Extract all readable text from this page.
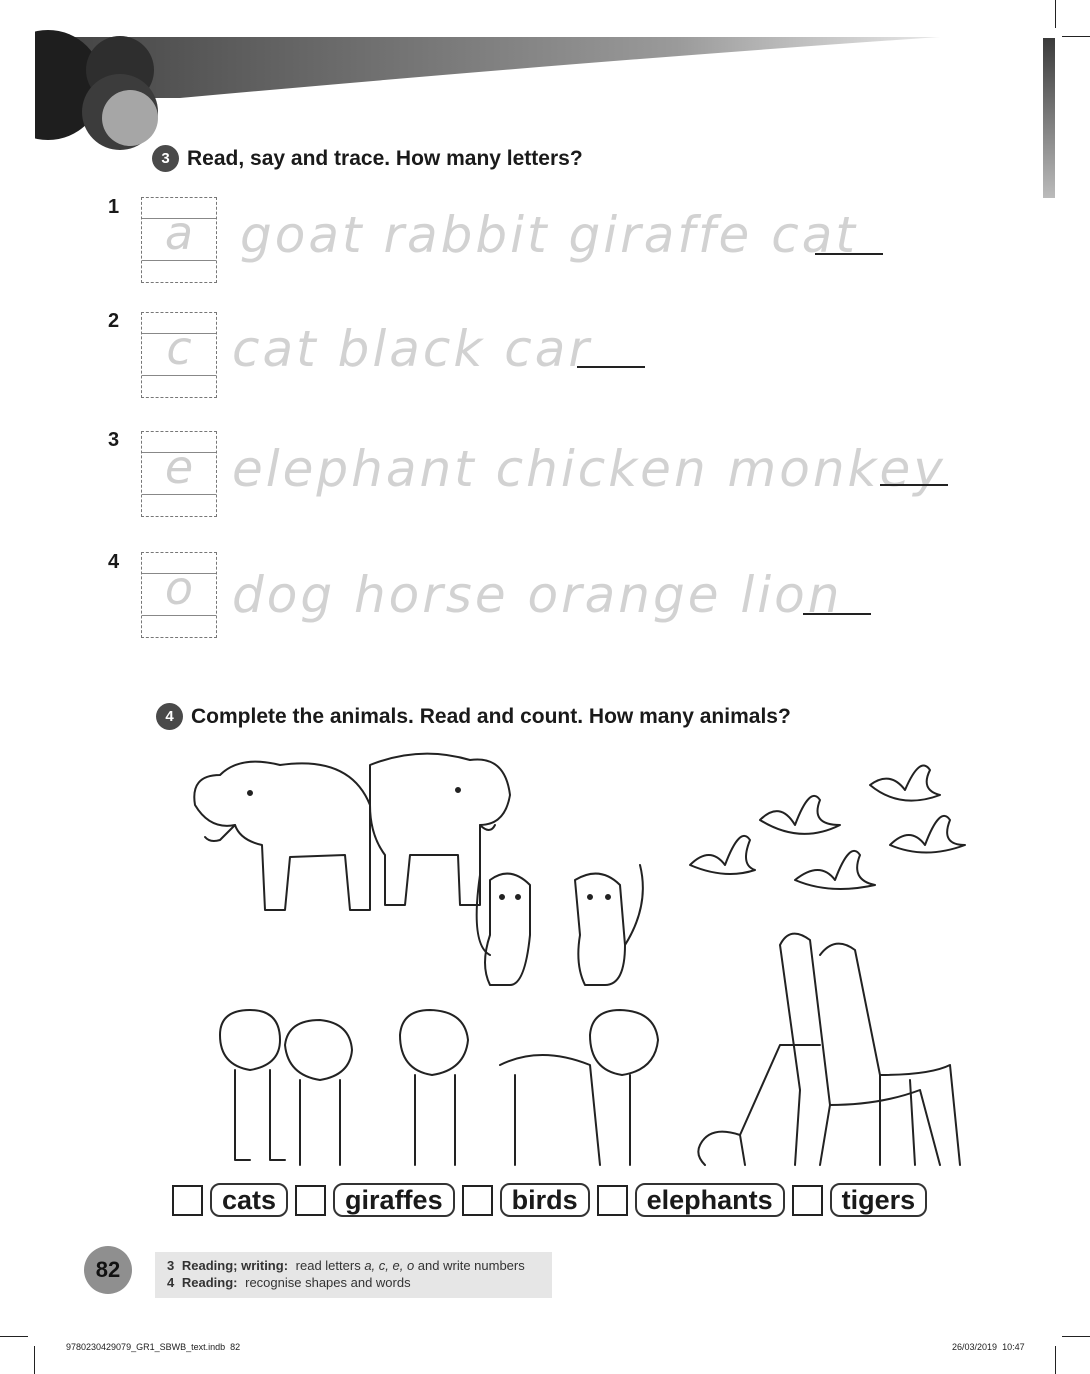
3 Read, say and trace. How many letters?
1 a goat rabbit giraffe cat
2	c cat black car
3 e elephant chicken monkey
4 o dog horse orange lion
4 Complete the animals. Read and count. How many animals?
cats	giraffes	birds	elephants	tigers
82	3 Reading; writing: read letters a, c, e, o and write numbers
4 Reading: recognise shapes and words
9780230429079_GR1_SBWB_text.indb 82	26/03/2019 10:47
